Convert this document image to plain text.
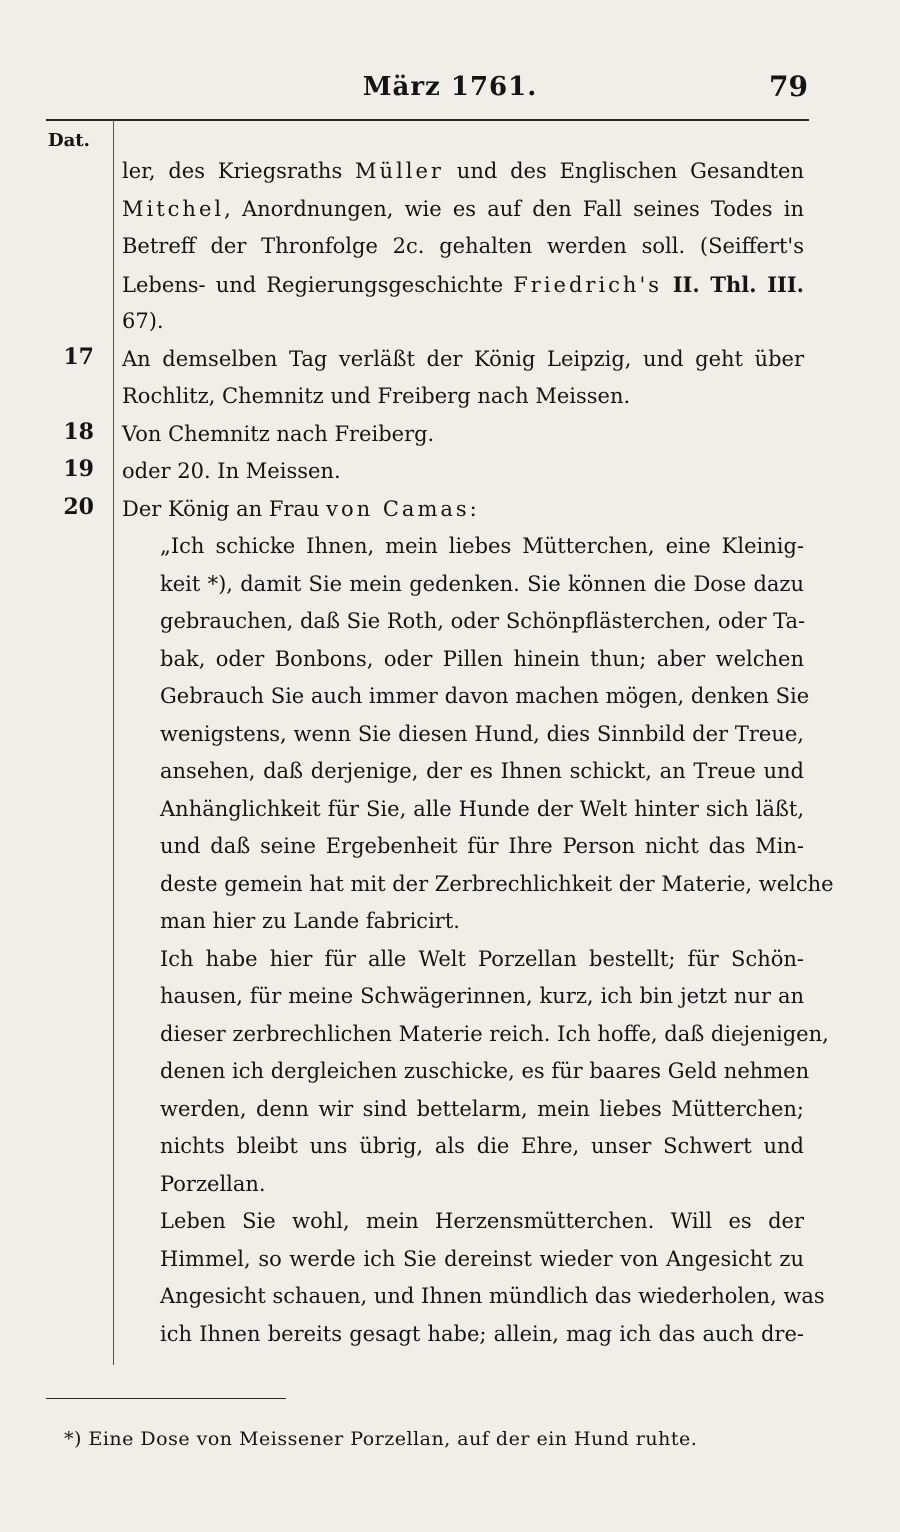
März 1761.	79
Dat.
17
18
19
20
ler, des Kriegsraths Müller und des Englischen Gesandten
Mitchel, Anordnungen, wie es auf den Fall seines Todes in
Betreff der Thronfolge 2c. gehalten werden soll. (Seiffert's
Lebens- und Regierungsgeschichte Friedrich's II. Thl. III.
67).
An demselben Tag verläßt der König Leipzig, und geht über
Rochlitz, Chemnitz und Freiberg nach Meissen.
Von Chemnitz nach Freiberg.
oder 20. In Meissen.
Der König an Frau von Camas:
„Ich schicke Ihnen, mein liebes Mütterchen, eine Kleinig-
keit *), damit Sie mein gedenken. Sie können die Dose dazu
gebrauchen, daß Sie Roth, oder Schönpflästerchen, oder Ta-
bak, oder Bonbons, oder Pillen hinein thun; aber welchen
Gebrauch Sie auch immer davon machen mögen, denken Sie
wenigstens, wenn Sie diesen Hund, dies Sinnbild der Treue,
ansehen, daß derjenige, der es Ihnen schickt, an Treue und
Anhänglichkeit für Sie, alle Hunde der Welt hinter sich läßt,
und daß seine Ergebenheit für Ihre Person nicht das Min-
deste gemein hat mit der Zerbrechlichkeit der Materie, welche
man hier zu Lande fabricirt.
Ich habe hier für alle Welt Porzellan bestellt; für Schön-
hausen, für meine Schwägerinnen, kurz, ich bin jetzt nur an
dieser zerbrechlichen Materie reich. Ich hoffe, daß diejenigen,
denen ich dergleichen zuschicke, es für baares Geld nehmen
werden, denn wir sind bettelarm, mein liebes Mütterchen;
nichts bleibt uns übrig, als die Ehre, unser Schwert und
Porzellan.
Leben Sie wohl, mein Herzensmütterchen. Will es der
Himmel, so werde ich Sie dereinst wieder von Angesicht zu
Angesicht schauen, und Ihnen mündlich das wiederholen, was
ich Ihnen bereits gesagt habe; allein, mag ich das auch dre-
*) Eine Dose von Meissener Porzellan, auf der ein Hund ruhte.
